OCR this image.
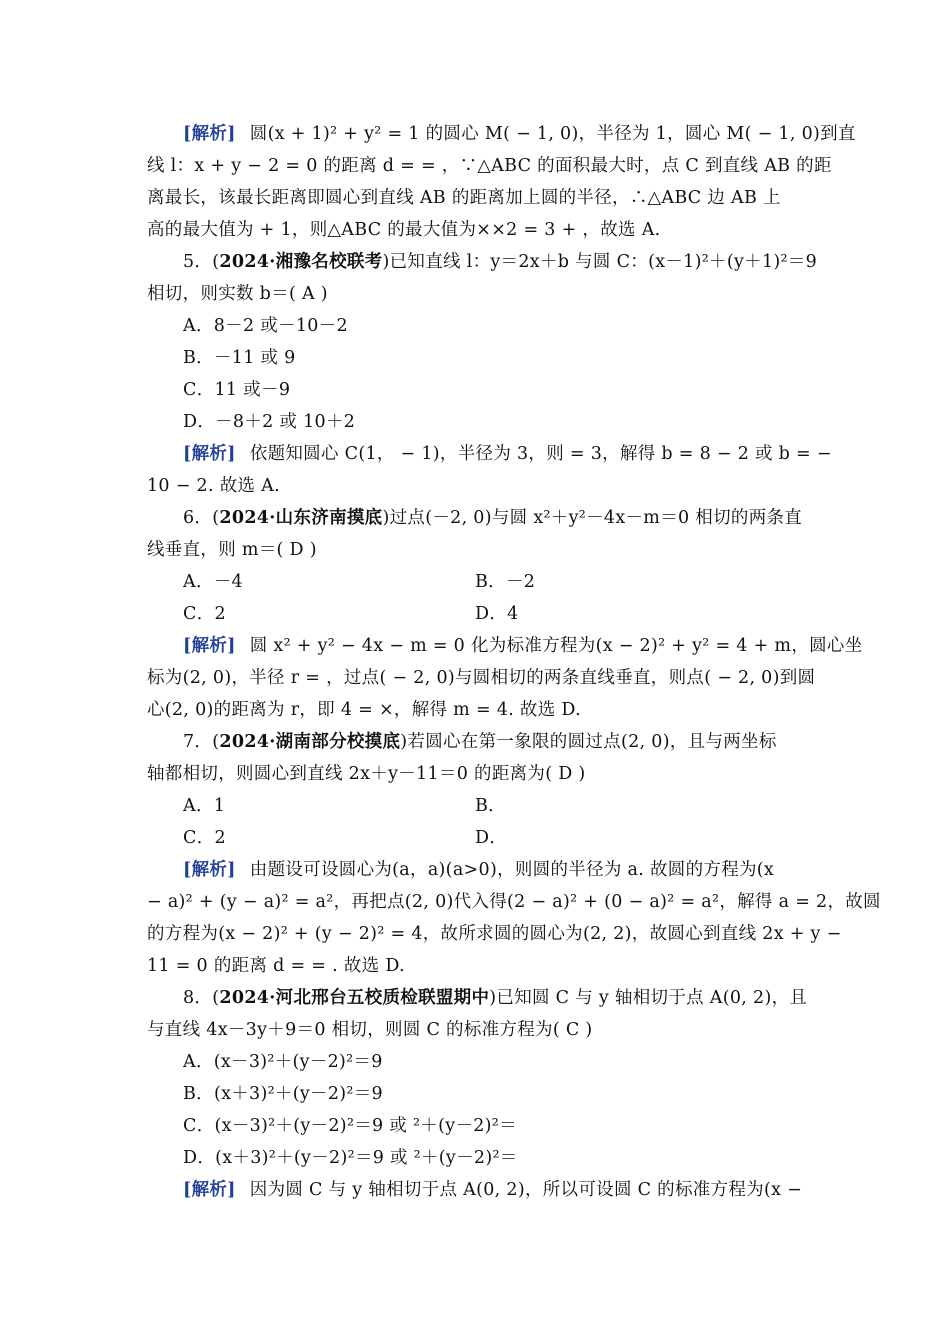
[解析] 圆(x + 1)² + y² = 1 的圆心 M( − 1, 0)，半径为 1，圆心 M( − 1, 0)到直
线 l：x + y − 2 = 0 的距离 d = = ，∵△ABC 的面积最大时，点 C 到直线 AB 的距
离最长，该最长距离即圆心到直线 AB 的距离加上圆的半径，∴△ABC 边 AB 上
高的最大值为 + 1，则△ABC 的最大值为××2 = 3 + ，故选 A.
5．(2024·湘豫名校联考)已知直线 l：y＝2x＋b 与圆 C：(x－1)²＋(y＋1)²＝9
相切，则实数 b＝( A )
A．8－2 或－10－2
B．－11 或 9
C．11 或－9
D．－8＋2 或 10＋2
[解析] 依题知圆心 C(1， − 1)，半径为 3，则 = 3，解得 b = 8 − 2 或 b = −
10 − 2. 故选 A.
6．(2024·山东济南摸底)过点(－2, 0)与圆 x²＋y²－4x－m＝0 相切的两条直
线垂直，则 m＝( D )
A．－4	B．－2
C．2	D．4
[解析] 圆 x² + y² − 4x − m = 0 化为标准方程为(x − 2)² + y² = 4 + m，圆心坐
标为(2, 0)，半径 r = ，过点( − 2, 0)与圆相切的两条直线垂直，则点( − 2, 0)到圆
心(2, 0)的距离为 r，即 4 = ×，解得 m = 4. 故选 D.
7．(2024·湖南部分校摸底)若圆心在第一象限的圆过点(2, 0)，且与两坐标
轴都相切，则圆心到直线 2x＋y－11＝0 的距离为( D )
A．1	B．
C．2	D．
[解析] 由题设可设圆心为(a，a)(a>0)，则圆的半径为 a. 故圆的方程为(x
− a)² + (y − a)² = a²，再把点(2, 0)代入得(2 − a)² + (0 − a)² = a²，解得 a = 2，故圆
的方程为(x − 2)² + (y − 2)² = 4，故所求圆的圆心为(2, 2)，故圆心到直线 2x + y −
11 = 0 的距离 d = = . 故选 D.
8．(2024·河北邢台五校质检联盟期中)已知圆 C 与 y 轴相切于点 A(0, 2)，且
与直线 4x－3y＋9＝0 相切，则圆 C 的标准方程为( C )
A．(x－3)²＋(y－2)²＝9
B．(x＋3)²＋(y－2)²＝9
C．(x－3)²＋(y－2)²＝9 或 ²＋(y－2)²＝
D．(x＋3)²＋(y－2)²＝9 或 ²＋(y－2)²＝
[解析] 因为圆 C 与 y 轴相切于点 A(0, 2)，所以可设圆 C 的标准方程为(x −
